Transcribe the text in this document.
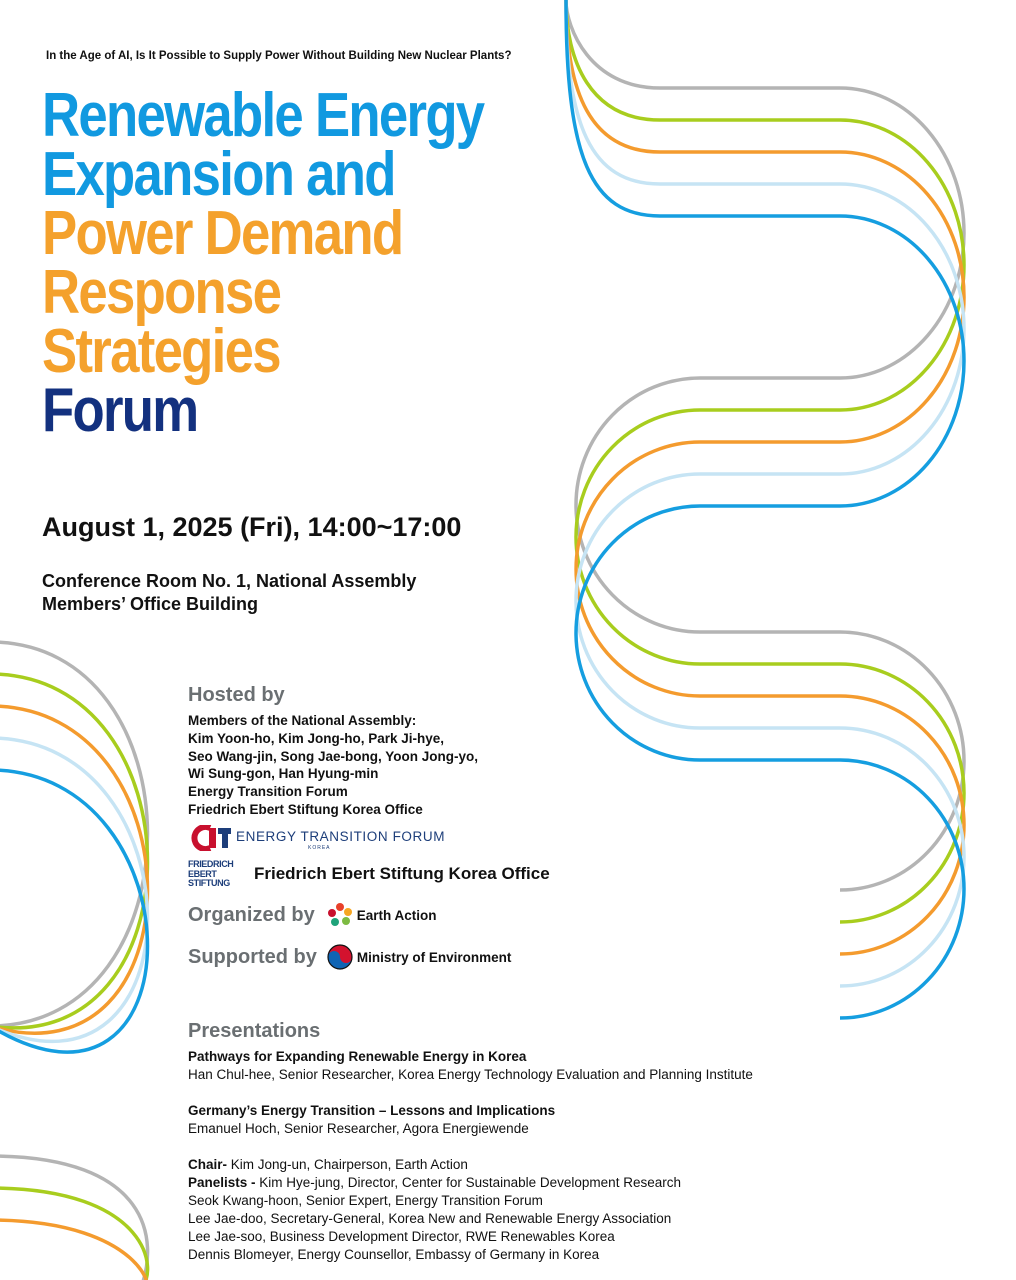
In the Age of AI, Is It Possible to Supply Power Without Building New Nuclear Plants?
Renewable Energy
Expansion and
Power Demand
Response
Strategies
Forum
August 1, 2025 (Fri), 14:00~17:00
Conference Room No. 1, National Assembly
Members’ Office Building
Hosted by
Members of the National Assembly:
Kim Yoon-ho, Kim Jong-ho, Park Ji-hye,
Seo Wang-jin, Song Jae-bong, Yoon Jong-yo,
Wi Sung-gon, Han Hyung-min
Energy Transition Forum
Friedrich Ebert Stiftung Korea Office
ENERGY TRANSITION FORUM
KOREA
FRIEDRICH
EBERT
STIFTUNG	Friedrich Ebert Stiftung Korea Office
Organized by	Earth Action
Supported by	Ministry of Environment
Presentations
Pathways for Expanding Renewable Energy in Korea
Han Chul-hee, Senior Researcher, Korea Energy Technology Evaluation and Planning Institute
Germany’s Energy Transition – Lessons and Implications
Emanuel Hoch, Senior Researcher, Agora Energiewende
Chair- Kim Jong-un, Chairperson, Earth Action
Panelists - Kim Hye-jung, Director, Center for Sustainable Development Research
Seok Kwang-hoon, Senior Expert, Energy Transition Forum
Lee Jae-doo, Secretary-General, Korea New and Renewable Energy Association
Lee Jae-soo, Business Development Director, RWE Renewables Korea
Dennis Blomeyer, Energy Counsellor, Embassy of Germany in Korea
